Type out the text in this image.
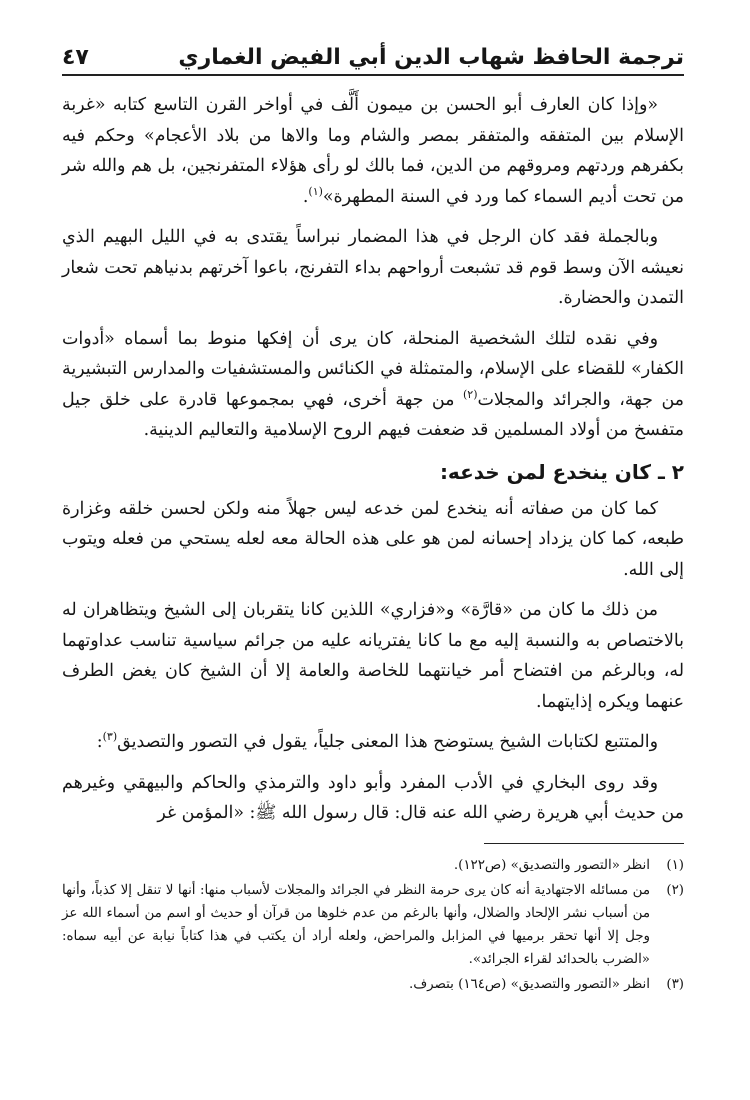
ترجمة الحافظ شهاب الدين أبي الفيض الغماري
٤٧

«وإذا كان العارف أبو الحسن بن ميمون أَلَّف في أواخر القرن التاسع كتابه «غربة الإسلام بين المتفقه والمتفقر بمصر والشام وما والاها من بلاد الأعجام» وحكم فيه بكفرهم وردتهم ومروقهم من الدين، فما بالك لو رأى هؤلاء المتفرنجين، بل هم والله شر من تحت أديم السماء كما ورد في السنة المطهرة»$^{(١)}$.

وبالجملة فقد كان الرجل في هذا المضمار نبراساً يقتدى به في الليل البهيم الذي نعيشه الآن وسط قوم قد تشبعت أرواحهم بداء التفرنج، باعوا آخرتهم بدنياهم تحت شعار التمدن والحضارة.

وفي نقده لتلك الشخصية المنحلة، كان يرى أن إفكها منوط بما أسماه «أدوات الكفار» للقضاء على الإسلام، والمتمثلة في الكنائس والمستشفيات والمدارس التبشيرية من جهة، والجرائد والمجلات$^{(٢)}$ من جهة أخرى، فهي بمجموعها قادرة على خلق جيل متفسخ من أولاد المسلمين قد ضعفت فيهم الروح الإسلامية والتعاليم الدينية.

٢ ـ كان ينخدع لمن خدعه:

كما كان من صفاته أنه ينخدع لمن خدعه ليس جهلاً منه ولكن لحسن خلقه وغزارة طبعه، كما كان يزداد إحسانه لمن هو على هذه الحالة معه لعله يستحي من فعله ويتوب إلى الله.

من ذلك ما كان من «قارَّة» و«فزاري» اللذين كانا يتقربان إلى الشيخ ويتظاهران له بالاختصاص به والنسبة إليه مع ما كانا يفتريانه عليه من جرائم سياسية تناسب عداوتهما له، وبالرغم من افتضاح أمر خيانتهما للخاصة والعامة إلا أن الشيخ كان يغض الطرف عنهما ويكره إذايتهما.

والمتتبع لكتابات الشيخ يستوضح هذا المعنى جلياً، يقول في التصور والتصديق$^{(٣)}$:

وقد روى البخاري في الأدب المفرد وأبو داود والترمذي والحاكم والبيهقي وغيرهم من حديث أبي هريرة رضي الله عنه قال: قال رسول الله ﷺ: «المؤمن غر

(١)
انظر «التصور والتصديق» (ص١٢٢).
(٢)
من مسائله الاجتهادية أنه كان يرى حرمة النظر في الجرائد والمجلات لأسباب منها: أنها لا تنقل إلا كذباً، وأنها من أسباب نشر الإلحاد والضلال، وأنها بالرغم من عدم خلوها من قرآن أو حديث أو اسم من أسماء الله عز وجل إلا أنها تحقر برميها في المزابل والمراحض، ولعله أراد أن يكتب في هذا كتاباً نيابة عن أبيه سماه: «الضرب بالحدائد لقراء الجرائد».
(٣)
انظر «التصور والتصديق» (ص١٦٤) بتصرف.
